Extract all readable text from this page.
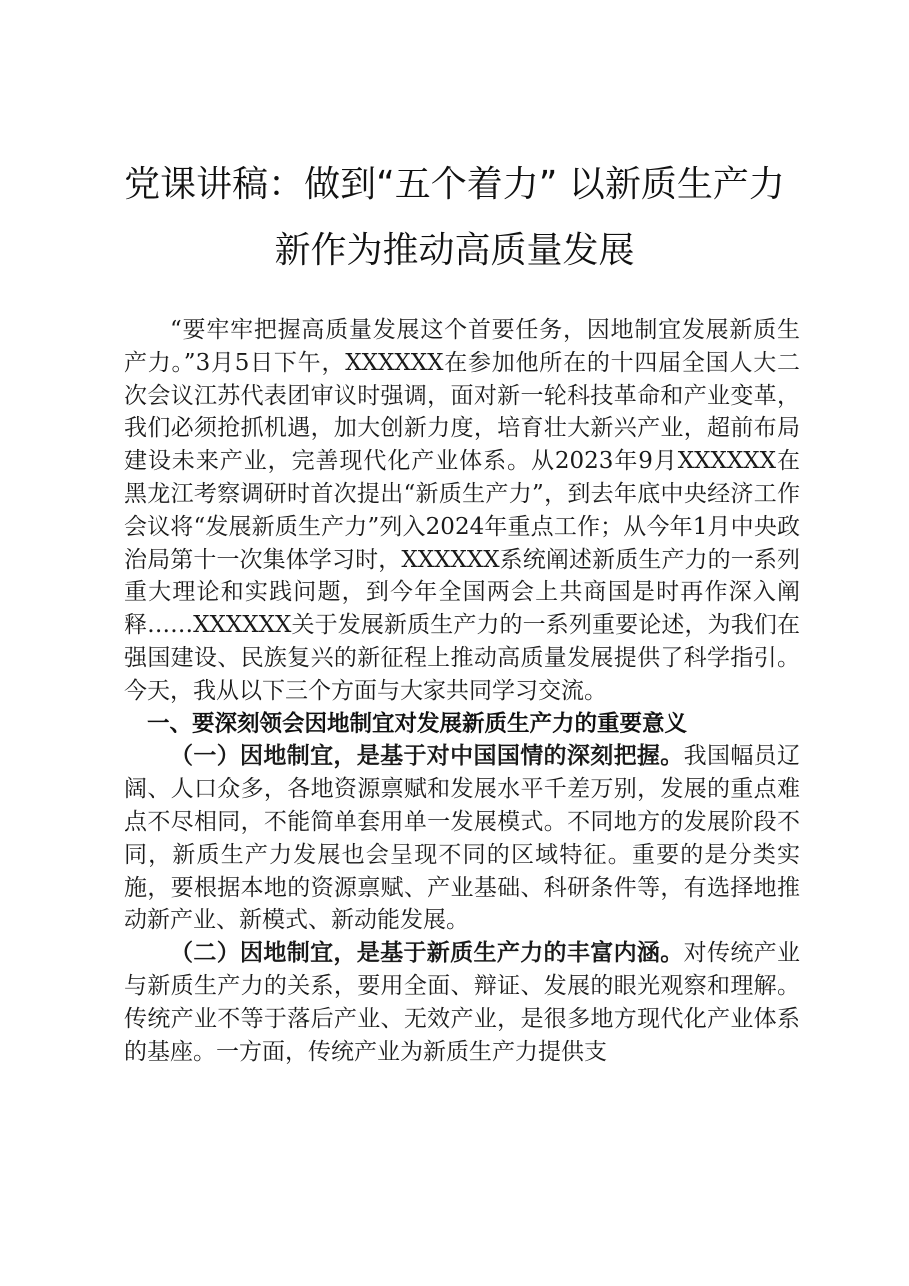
党课讲稿：做到“五个着力” 以新质生产力
新作为推动高质量发展

“要牢牢把握高质量发展这个首要任务，因地制宜发展新质生产力。”3月5日下午，XXXXXX在参加他所在的十四届全国人大二次会议江苏代表团审议时强调，面对新一轮科技革命和产业变革，我们必须抢抓机遇，加大创新力度，培育壮大新兴产业，超前布局建设未来产业，完善现代化产业体系。从2023年9月XXXXXX在黑龙江考察调研时首次提出“新质生产力”，到去年底中央经济工作会议将“发展新质生产力”列入2024年重点工作；从今年1月中央政治局第十一次集体学习时，XXXXXX系统阐述新质生产力的一系列重大理论和实践问题，到今年全国两会上共商国是时再作深入阐释……XXXXXX关于发展新质生产力的一系列重要论述，为我们在强国建设、民族复兴的新征程上推动高质量发展提供了科学指引。今天，我从以下三个方面与大家共同学习交流。

一、要深刻领会因地制宜对发展新质生产力的重要意义

（一）因地制宜，是基于对中国国情的深刻把握。我国幅员辽阔、人口众多，各地资源禀赋和发展水平千差万别，发展的重点难点不尽相同，不能简单套用单一发展模式。不同地方的发展阶段不同，新质生产力发展也会呈现不同的区域特征。重要的是分类实施，要根据本地的资源禀赋、产业基础、科研条件等，有选择地推动新产业、新模式、新动能发展。

（二）因地制宜，是基于新质生产力的丰富内涵。对传统产业与新质生产力的关系，要用全面、辩证、发展的眼光观察和理解。传统产业不等于落后产业、无效产业，是很多地方现代化产业体系的基座。一方面，传统产业为新质生产力提供支
